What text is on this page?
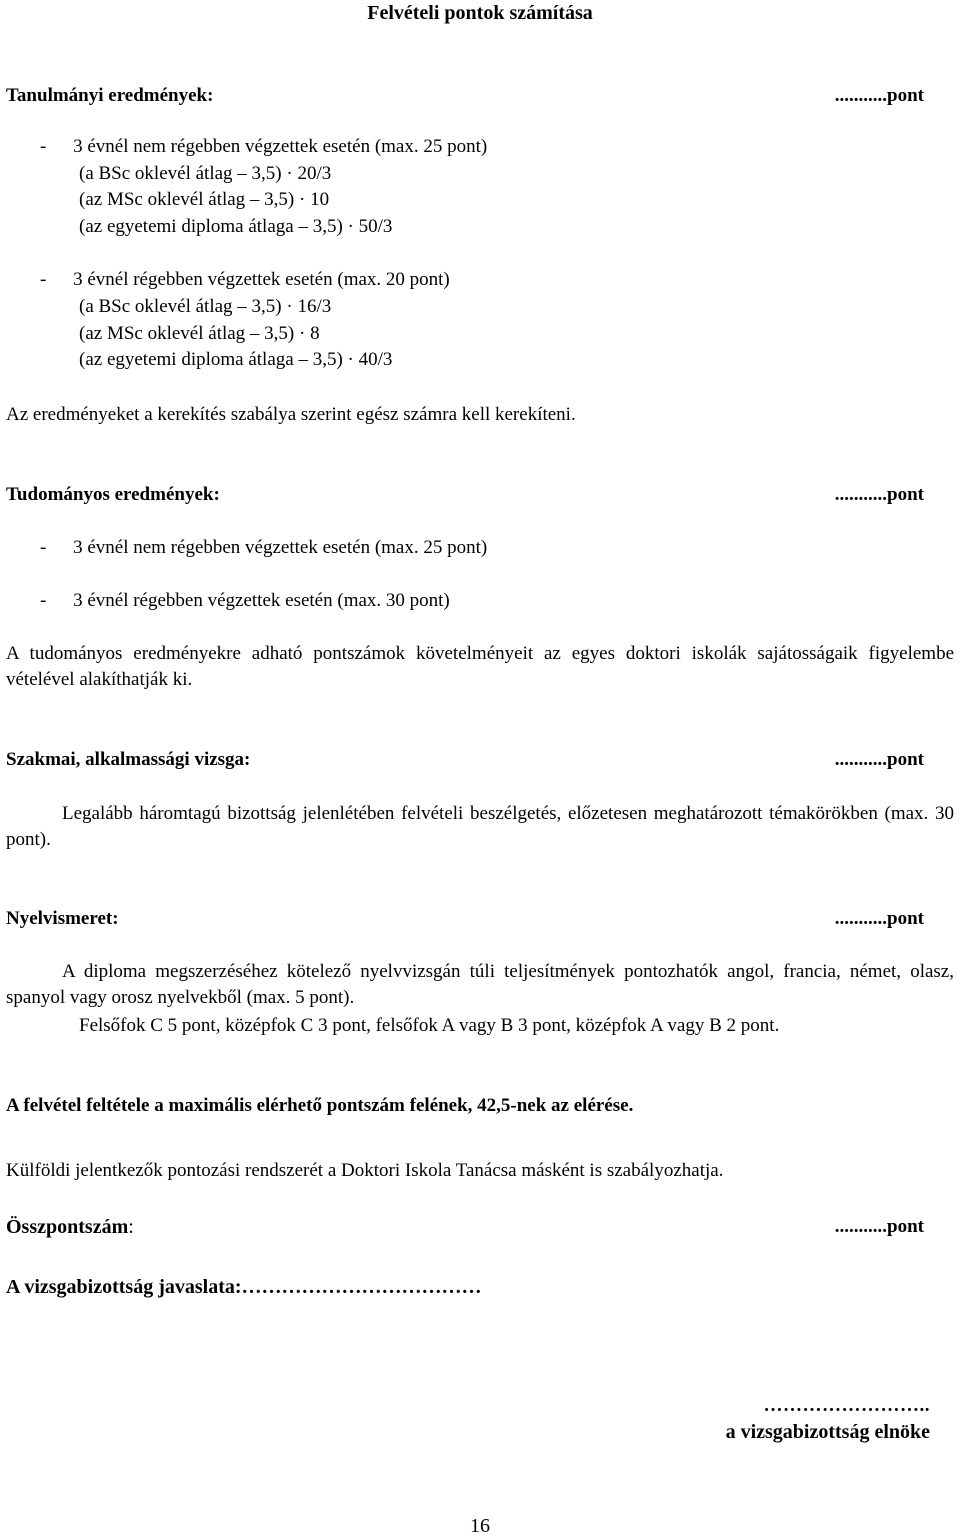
Felvételi pontok számítása
Tanulmányi eredmények:	...........pont
- 3 évnél nem régebben végzettek esetén (max. 25 pont)
(a BSc oklevél átlag – 3,5) · 20/3
(az MSc oklevél átlag – 3,5) · 10
(az egyetemi diploma átlaga – 3,5) · 50/3
- 3 évnél régebben végzettek esetén (max. 20 pont)
(a BSc oklevél átlag – 3,5) · 16/3
(az MSc oklevél átlag – 3,5) · 8
(az egyetemi diploma átlaga – 3,5) · 40/3
Az eredményeket a kerekítés szabálya szerint egész számra kell kerekíteni.
Tudományos eredmények:	...........pont
- 3 évnél nem régebben végzettek esetén (max. 25 pont)
- 3 évnél régebben végzettek esetén (max. 30 pont)
A tudományos eredményekre adható pontszámok követelményeit az egyes doktori iskolák sajátosságaik figyelembe vételével alakíthatják ki.
Szakmai, alkalmassági vizsga:	...........pont
Legalább háromtagú bizottság jelenlétében felvételi beszélgetés, előzetesen meghatározott témakörökben (max. 30 pont).
Nyelvismeret:	...........pont
A diploma megszerzéséhez kötelező nyelvvizsgán túli teljesítmények pontozhatók angol, francia, német, olasz, spanyol vagy orosz nyelvekből (max. 5 pont).
Felsőfok C 5 pont, középfok C 3 pont, felsőfok A vagy B 3 pont, középfok A vagy B 2 pont.
A felvétel feltétele a maximális elérhető pontszám felének, 42,5-nek az elérése.
Külföldi jelentkezők pontozási rendszerét a Doktori Iskola Tanácsa másként is szabályozhatja.
Összpontszám:	...........pont
A vizsgabizottság javaslata:………………………………
……………………..
a vizsgabizottság elnöke
16
